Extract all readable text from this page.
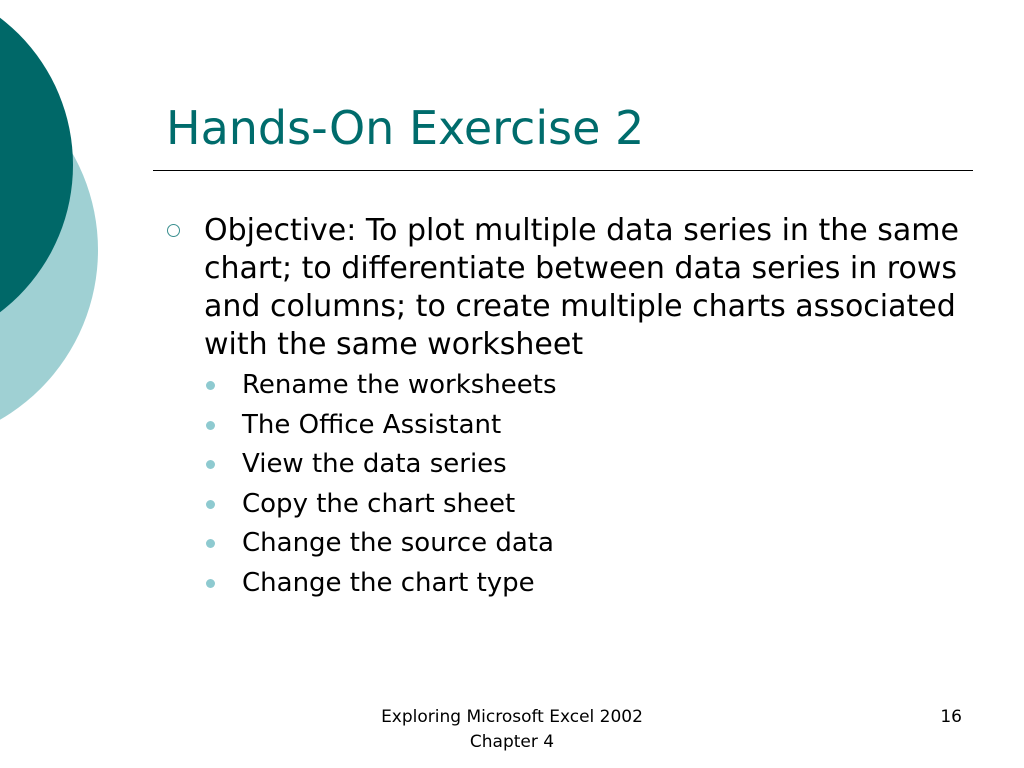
Hands-On Exercise 2
Objective: To plot multiple data series in the same chart; to differentiate between data series in rows and columns; to create multiple charts associated with the same worksheet
Rename the worksheets
The Office Assistant
View the data series
Copy the chart sheet
Change the source data
Change the chart type
Exploring Microsoft Excel 2002
Chapter 4
16
